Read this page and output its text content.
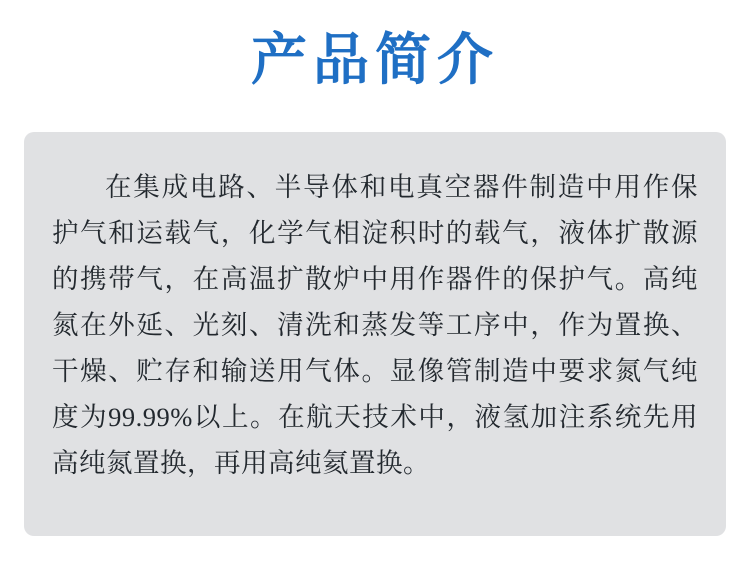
产品简介
在集成电路、半导体和电真空器件制造中用作保护气和运载气，化学气相淀积时的载气，液体扩散源的携带气，在高温扩散炉中用作器件的保护气。高纯氮在外延、光刻、清洗和蒸发等工序中，作为置换、干燥、贮存和输送用气体。显像管制造中要求氮气纯度为99.99%以上。在航天技术中，液氢加注系统先用高纯氮置换，再用高纯氦置换。
